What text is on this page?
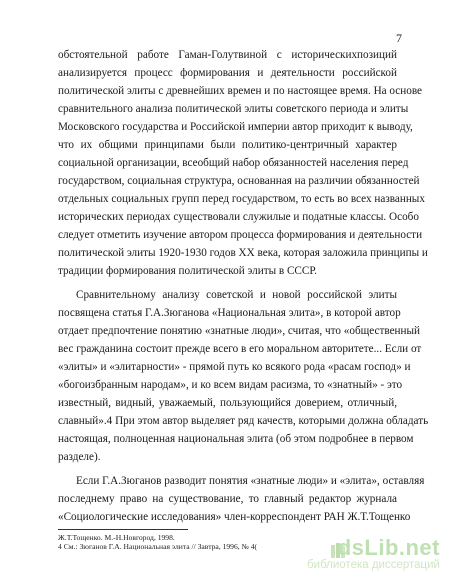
7
обстоятельной работе Гаман-Голутвиной с историческихпозиций
анализируется процесс формирования и деятельности российской
политической элиты с древнейших времен и по настоящее время. На основе
сравнительного анализа политической элиты советского периода и элиты
Московского государства и Российской империи автор приходит к выводу,
что их общими принципами были политико-центричный характер
социальной организации, всеобщий набор обязанностей населения перед
государством, социальная структура, основанная на различии обязанностей
отдельных социальных групп перед государством, то есть во всех названных
исторических периодах существовали служилые и податные классы. Особо
следует отметить изучение автором процесса формирования и деятельности
политической элиты 1920-1930 годов XX века, которая заложила принципы и
традиции формирования политической элиты в СССР.
Сравнительному анализу советской и новой российской элиты
посвящена статья Г.А.Зюганова «Национальная элита», в которой автор
отдает предпочтение понятию «знатные люди», считая, что «общественный
вес гражданина состоит прежде всего в его моральном авторитете... Если от
«элиты» и «элитарности» - прямой путь ко всякого рода «расам господ» и
«богоизбранным народам», и ко всем видам расизма, то «знатный» - это
известный, видный, уважаемый, пользующийся доверием, отличный,
славный».4 При этом автор выделяет ряд качеств, которыми должна обладать
настоящая, полноценная национальная элита (об этом подробнее в первом
разделе).
Если Г.А.Зюганов разводит понятия «знатные люди» и «элита», оставляя
последнему право на существование, то главный редактор журнала
«Социологические исследования» член-корреспондент РАН Ж.Т.Тощенко
Ж.Т.Тощенко. М.-Н.Новгород, 1998.
4 См.: Зюганов Г.А. Национальная элита // Завтра, 1996, № 4(	dsLib.net
библиотека диссертаций
